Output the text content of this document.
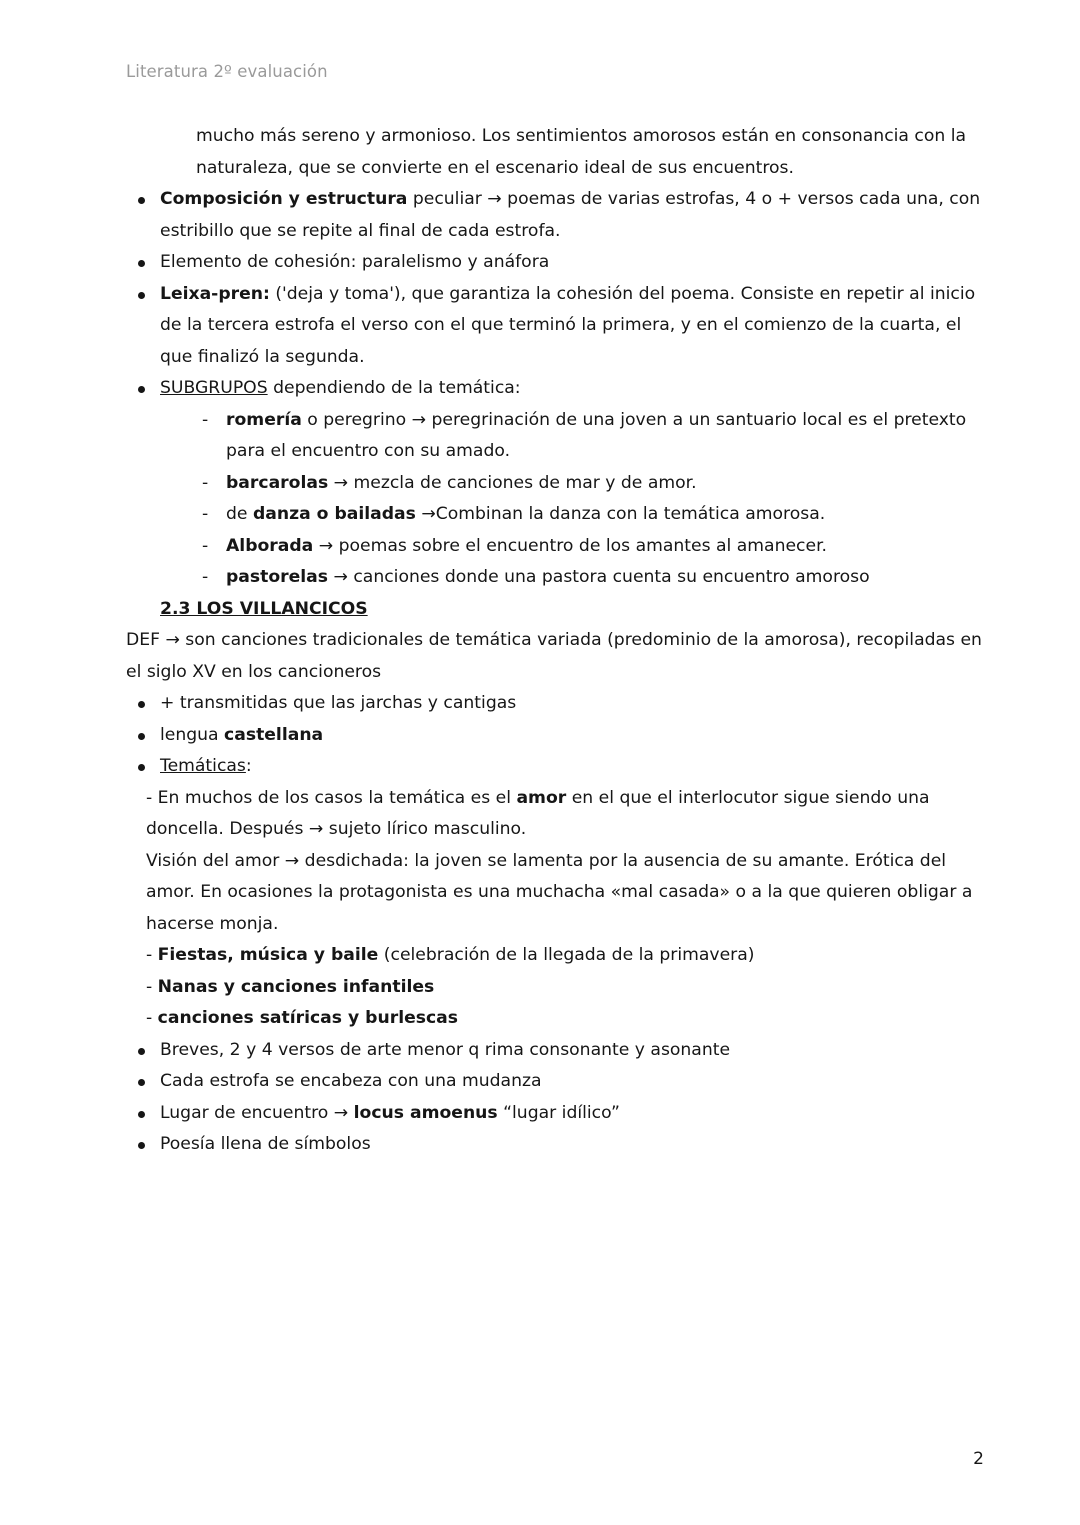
Literatura 2º evaluación

mucho más sereno y armonioso. Los sentimientos amorosos están en consonancia con la naturaleza, que se convierte en el escenario ideal de sus encuentros.

Composición y estructura peculiar → poemas de varias estrofas, 4 o + versos cada una, con estribillo que se repite al final de cada estrofa.
Elemento de cohesión: paralelismo y anáfora
Leixa-pren: ('deja y toma'), que garantiza la cohesión del poema. Consiste en repetir al inicio de la tercera estrofa el verso con el que terminó la primera, y en el comienzo de la cuarta, el que finalizó la segunda.
SUBGRUPOS dependiendo de la temática:
- romería o peregrino → peregrinación de una joven a un santuario local es el pretexto para el encuentro con su amado.
- barcarolas → mezcla de canciones de mar y de amor.
- de danza o bailadas →Combinan la danza con la temática amorosa.
- Alborada → poemas sobre el encuentro de los amantes al amanecer.
- pastorelas → canciones donde una pastora cuenta su encuentro amoroso

2.3 LOS VILLANCICOS

DEF → son canciones tradicionales de temática variada (predominio de la amorosa), recopiladas en el siglo XV en los cancioneros

+ transmitidas que las jarchas y cantigas
lengua castellana
Temáticas:

- En muchos de los casos la temática es el amor en el que el interlocutor sigue siendo una doncella. Después → sujeto lírico masculino.

Visión del amor → desdichada: la joven se lamenta por la ausencia de su amante. Erótica del amor. En ocasiones la protagonista es una muchacha «mal casada» o a la que quieren obligar a hacerse monja.

- Fiestas, música y baile (celebración de la llegada de la primavera)

- Nanas y canciones infantiles

- canciones satíricas y burlescas

Breves, 2 y 4 versos de arte menor q rima consonante y asonante
Cada estrofa se encabeza con una mudanza
Lugar de encuentro → locus amoenus “lugar idílico”
Poesía llena de símbolos
2
